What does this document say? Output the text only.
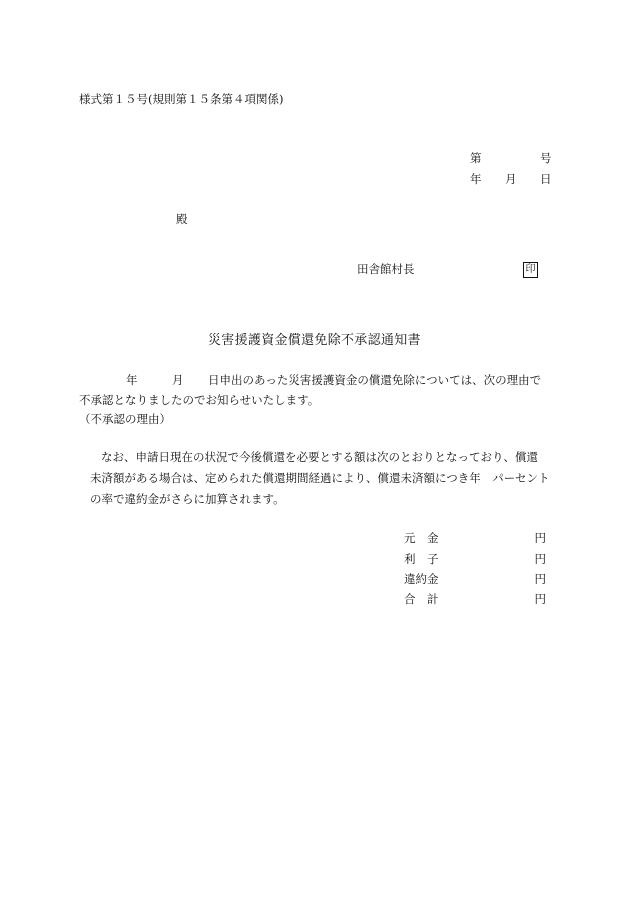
様式第１５号(規則第１５条第４項関係)
第	号
年 月 日
殿
田舎館村長	印
災害援護資金償還免除不承認通知書
年	月 日申出のあった災害援護資金の償還免除については、次の理由で
不承認となりましたのでお知らせいたします。
（不承認の理由）
なお、申請日現在の状況で今後償還を必要とする額は次のとおりとなっており、償還
未済額がある場合は、定められた償還期間経過により、償還未済額につき年　パーセント
の率で違約金がさらに加算されます。
元　金	円
利　子	円
違約金	円
合　計	円
